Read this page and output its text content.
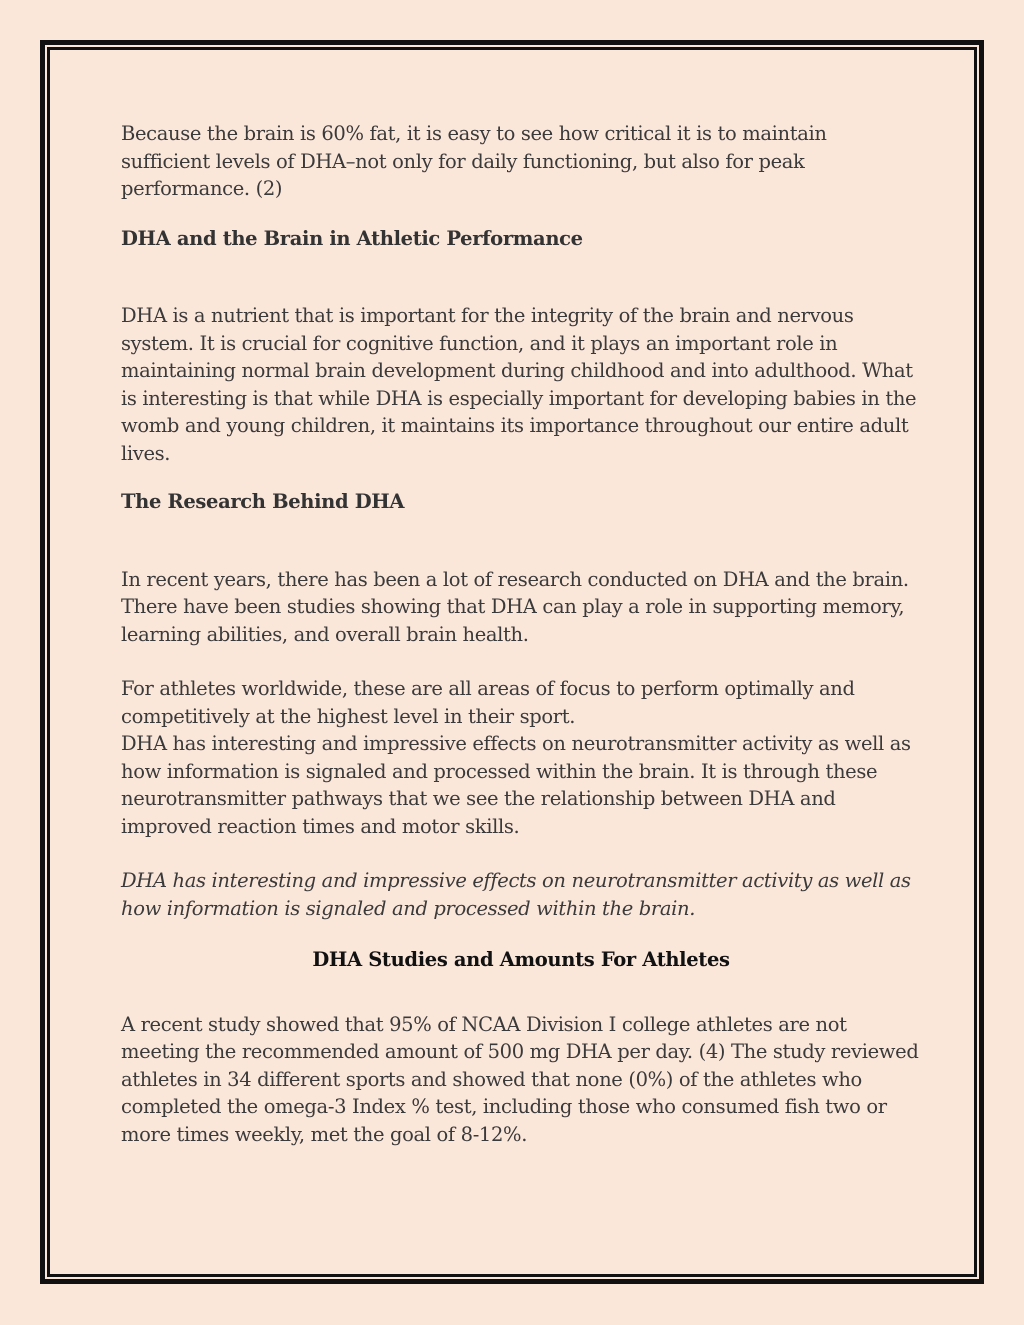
Because the brain is 60% fat, it is easy to see how critical it is to maintain sufficient levels of DHA–not only for daily functioning, but also for peak performance. (2)

DHA and the Brain in Athletic Performance

DHA is a nutrient that is important for the integrity of the brain and nervous system. It is crucial for cognitive function, and it plays an important role in maintaining normal brain development during childhood and into adulthood. What is interesting is that while DHA is especially important for developing babies in the womb and young children, it maintains its importance throughout our entire adult lives.

The Research Behind DHA

In recent years, there has been a lot of research conducted on DHA and the brain. There have been studies showing that DHA can play a role in supporting memory, learning abilities, and overall brain health.

For athletes worldwide, these are all areas of focus to perform optimally and competitively at the highest level in their sport.

DHA has interesting and impressive effects on neurotransmitter activity as well as how information is signaled and processed within the brain. It is through these neurotransmitter pathways that we see the relationship between DHA and improved reaction times and motor skills.

DHA has interesting and impressive effects on neurotransmitter activity as well as how information is signaled and processed within the brain.

DHA Studies and Amounts For Athletes

A recent study showed that 95% of NCAA Division I college athletes are not meeting the recommended amount of 500 mg DHA per day. (4) The study reviewed athletes in 34 different sports and showed that none (0%) of the athletes who completed the omega-3 Index % test, including those who consumed fish two or more times weekly, met the goal of 8-12%.
